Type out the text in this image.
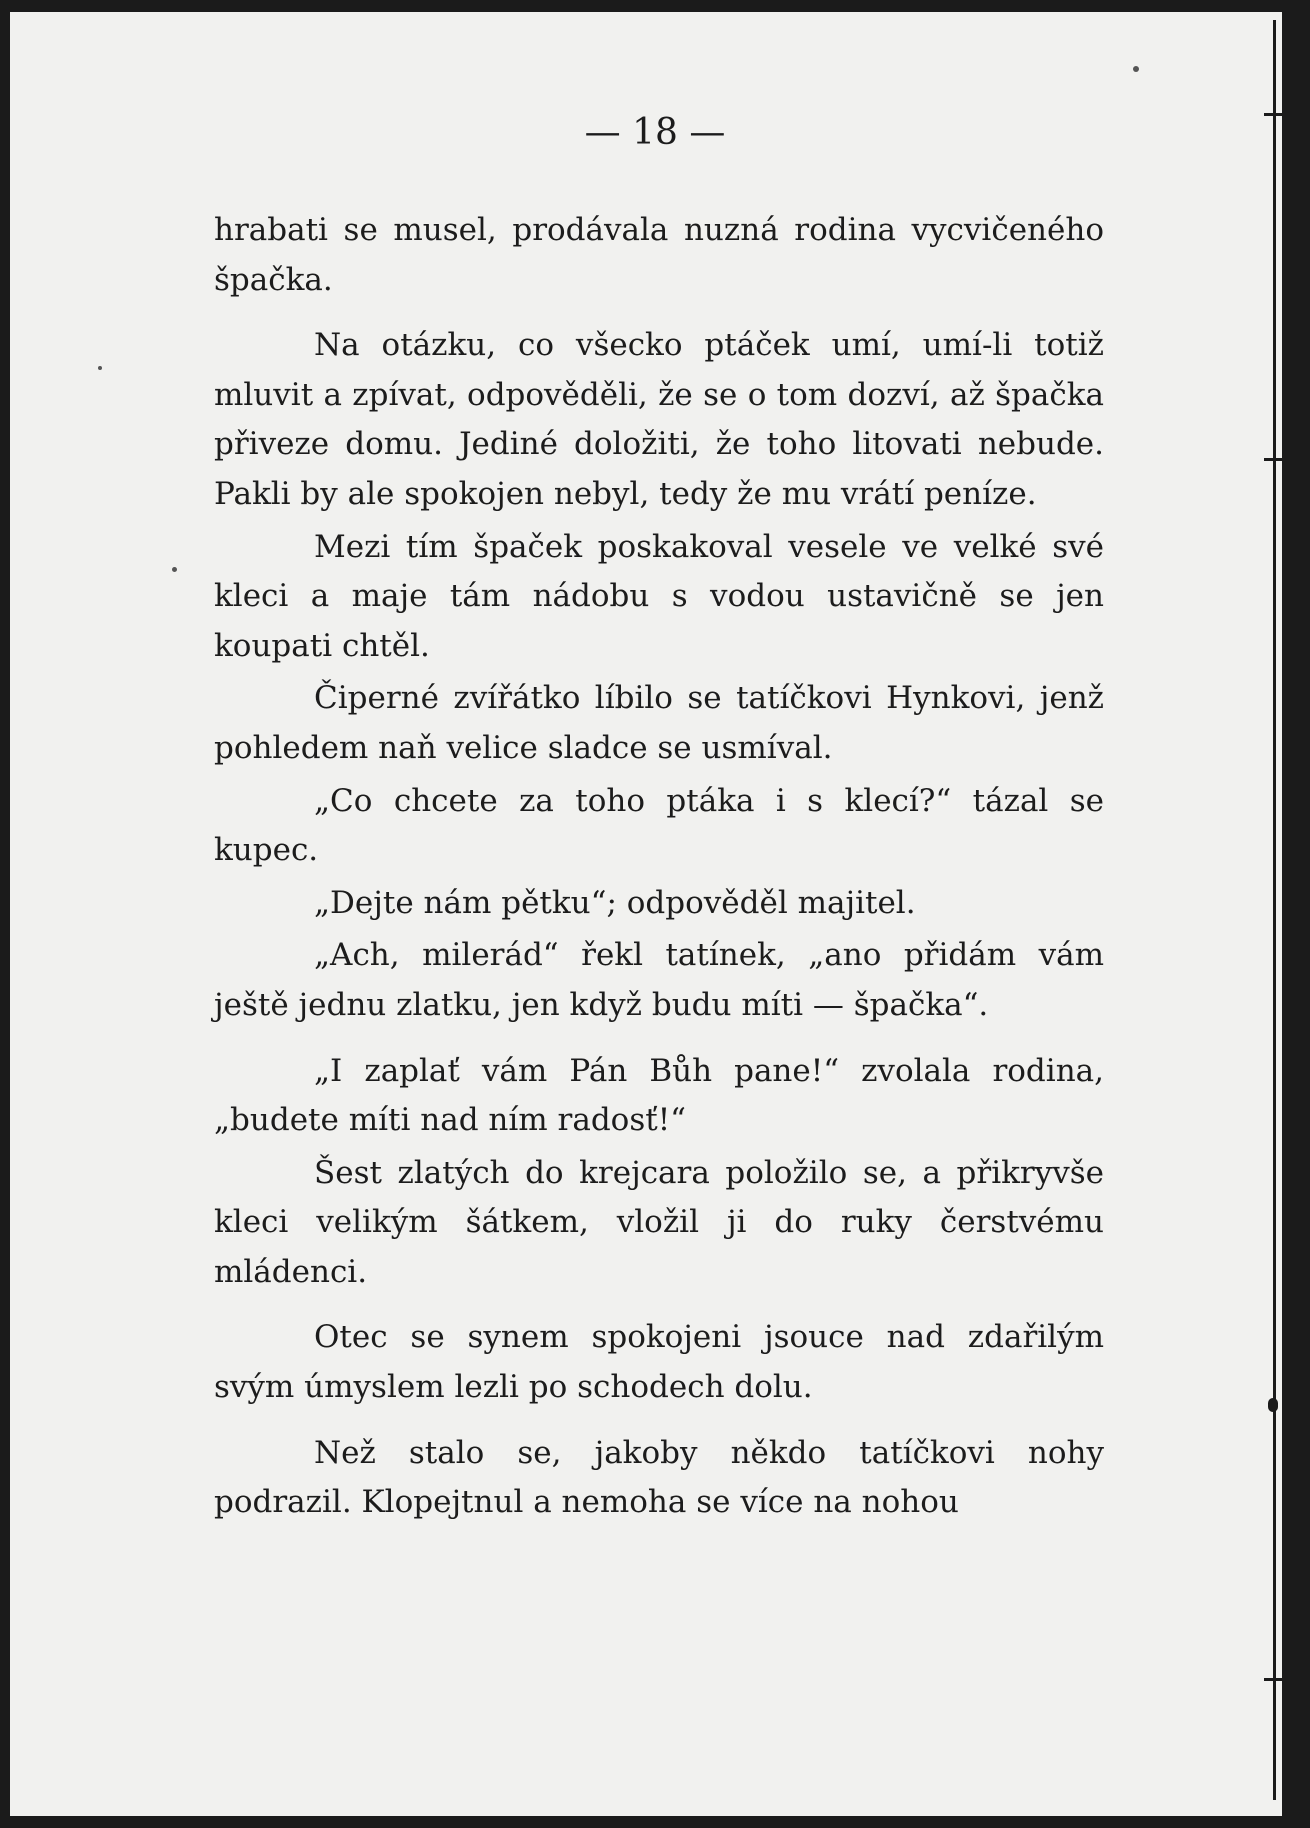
— 18 —

hrabati se musel, prodávala nuzná rodina vycvičeného špačka.

Na otázku, co všecko ptáček umí, umí-li totiž mluvit a zpívat, odpověděli, že se o tom dozví, až špačka přiveze domu. Jediné doložiti, že toho litovati nebude. Pakli by ale spokojen nebyl, tedy že mu vrátí peníze.

Mezi tím špaček poskakoval vesele ve velké své kleci a maje tám nádobu s vodou ustavičně se jen koupati chtěl.

Čiperné zvířátko líbilo se tatíčkovi Hynkovi, jenž pohledem naň velice sladce se usmíval.

„Co chcete za toho ptáka i s klecí?“ tázal se kupec.

„Dejte nám pětku“; odpověděl majitel.

„Ach, milerád“ řekl tatínek, „ano přidám vám ještě jednu zlatku, jen když budu míti — špačka“.

„I zaplať vám Pán Bůh pane!“ zvolala rodina, „budete míti nad ním radosť!“

Šest zlatých do krejcara položilo se, a přikryvše kleci velikým šátkem, vložil ji do ruky čerstvému mládenci.

Otec se synem spokojeni jsouce nad zdařilým svým úmyslem lezli po schodech dolu.

Než stalo se, jakoby někdo tatíčkovi nohy podrazil. Klopejtnul a nemoha se více na nohou
